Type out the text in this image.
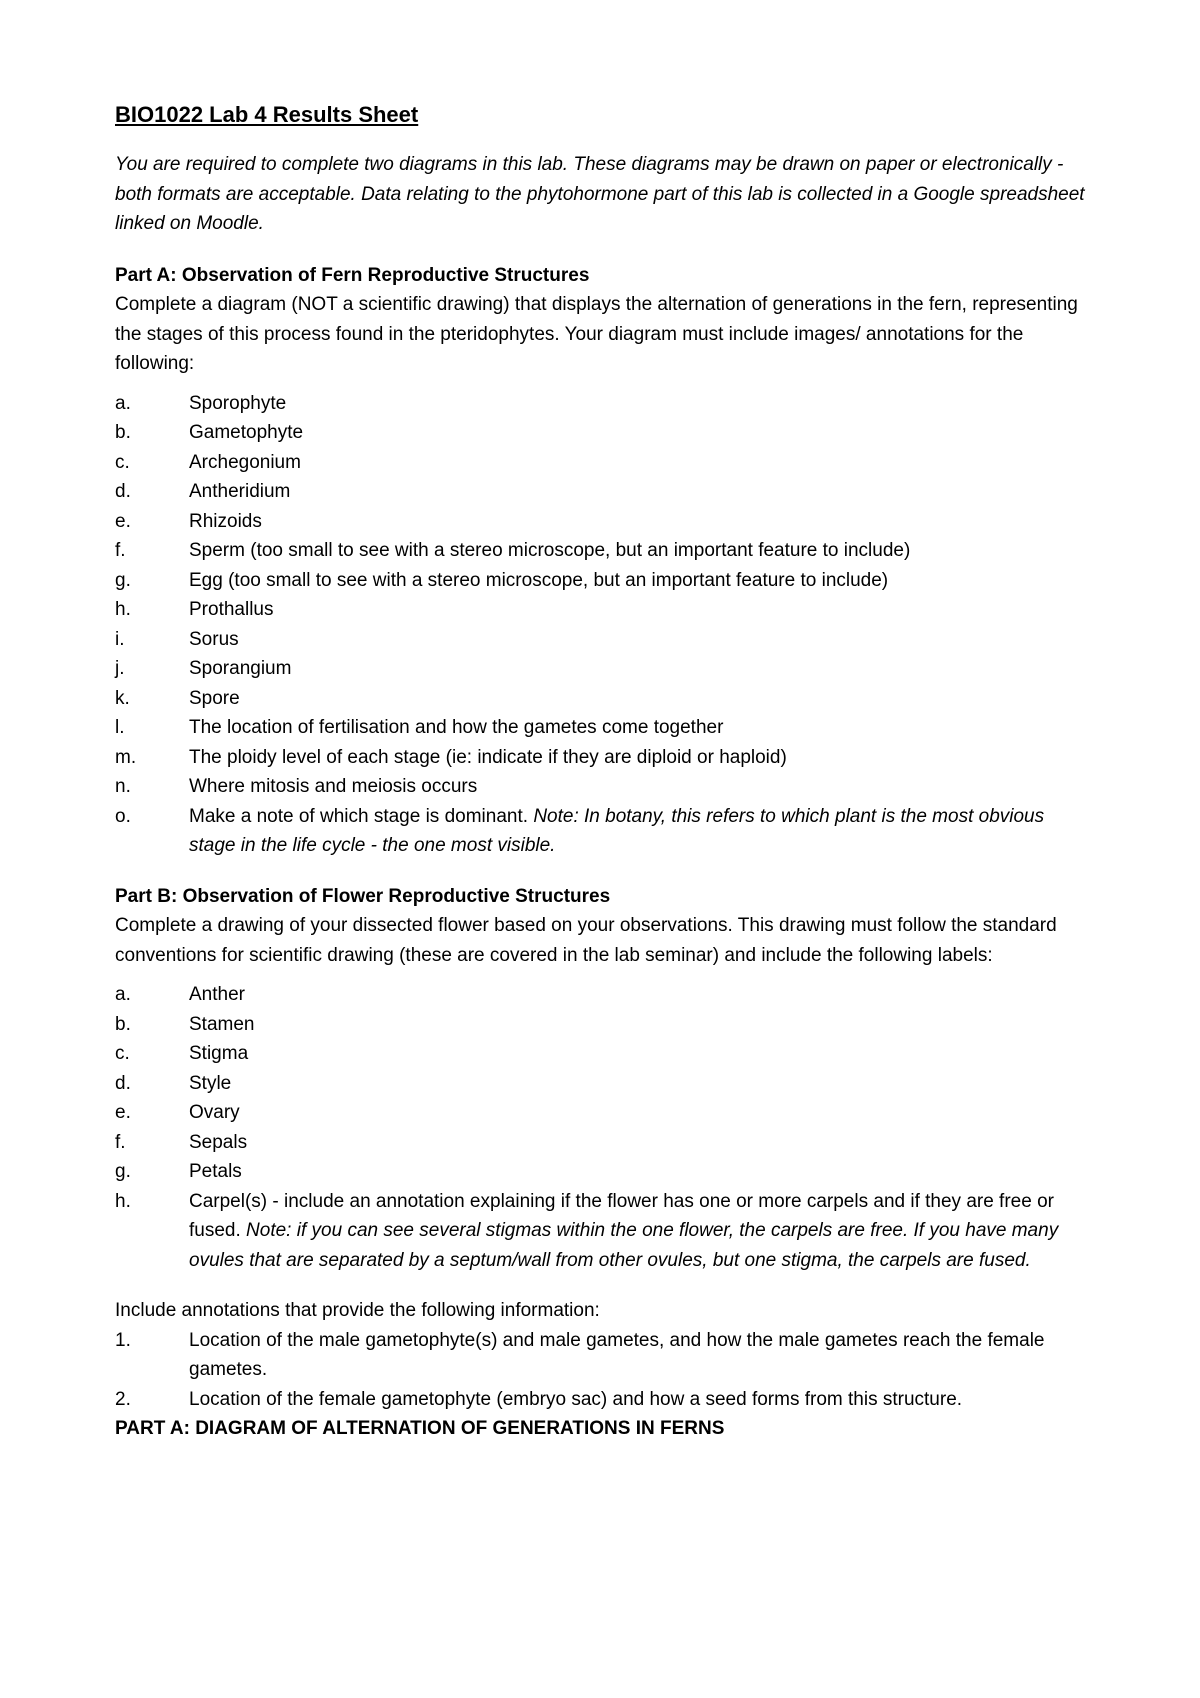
BIO1022 Lab 4 Results Sheet

You are required to complete two diagrams in this lab. These diagrams may be drawn on paper or electronically - both formats are acceptable. Data relating to the phytohormone part of this lab is collected in a Google spreadsheet linked on Moodle.

Part A: Observation of Fern Reproductive Structures

Complete a diagram (NOT a scientific drawing) that displays the alternation of generations in the fern, representing the stages of this process found in the pteridophytes. Your diagram must include images/ annotations for the following:

a.	Sporophyte
b.	Gametophyte
c.	Archegonium
d.	Antheridium
e.	Rhizoids
f.	Sperm (too small to see with a stereo microscope, but an important feature to include)
g.	Egg (too small to see with a stereo microscope, but an important feature to include)
h.	Prothallus
i.	Sorus
j.	Sporangium
k.	Spore
l.	The location of fertilisation and how the gametes come together
m.	The ploidy level of each stage (ie: indicate if they are diploid or haploid)
n.	Where mitosis and meiosis occurs
o.	Make a note of which stage is dominant. Note: In botany, this refers to which plant is the most obvious stage in the life cycle - the one most visible.

Part B: Observation of Flower Reproductive Structures

Complete a drawing of your dissected flower based on your observations. This drawing must follow the standard conventions for scientific drawing (these are covered in the lab seminar) and include the following labels:

a.	Anther
b.	Stamen
c.	Stigma
d.	Style
e.	Ovary
f.	Sepals
g.	Petals
h.	Carpel(s) - include an annotation explaining if the flower has one or more carpels and if they are free or fused. Note: if you can see several stigmas within the one flower, the carpels are free. If you have many ovules that are separated by a septum/wall from other ovules, but one stigma, the carpels are fused.

Include annotations that provide the following information:

1.	Location of the male gametophyte(s) and male gametes, and how the male gametes reach the female gametes.
2.	Location of the female gametophyte (embryo sac) and how a seed forms from this structure.

PART A: DIAGRAM OF ALTERNATION OF GENERATIONS IN FERNS
